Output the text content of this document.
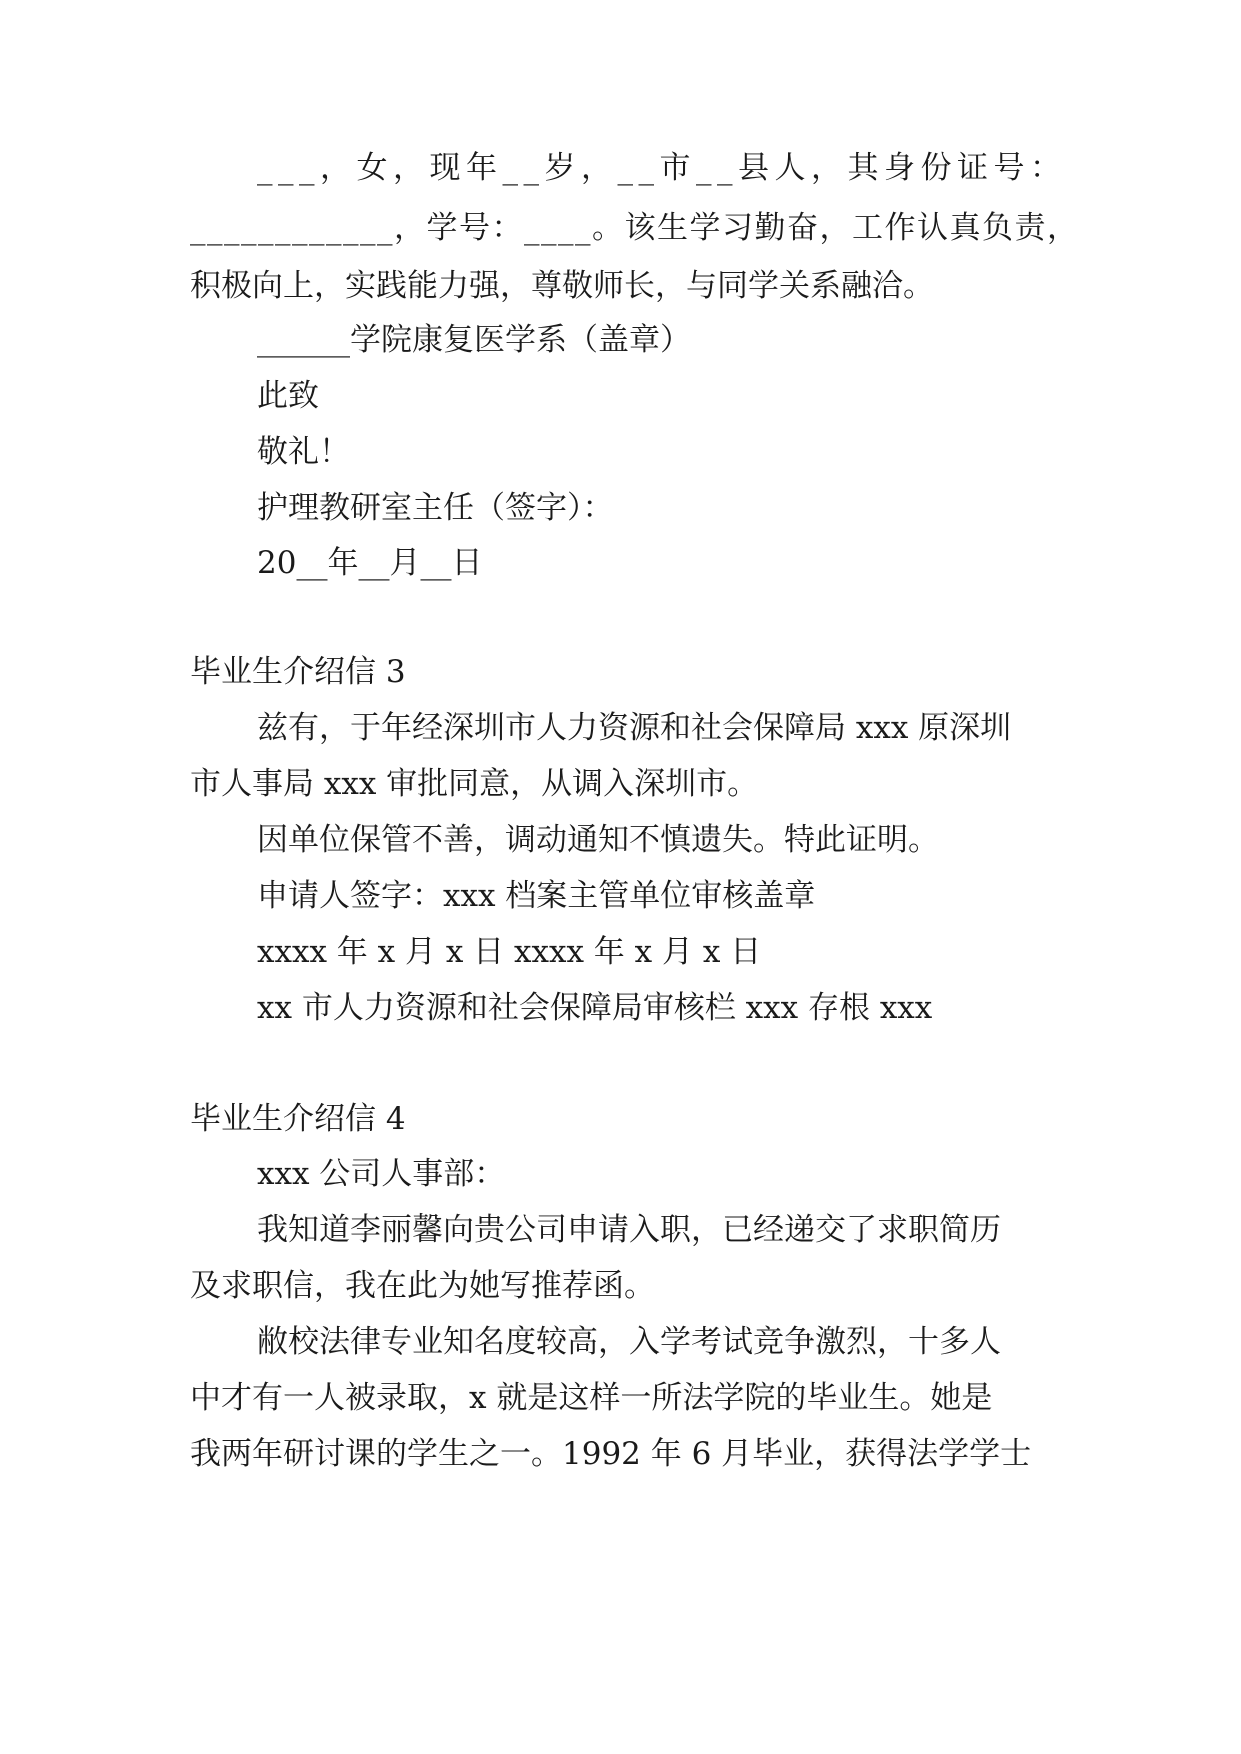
___，女，现年__岁，__市__县人，其身份证号：
____________，学号：____。该生学习勤奋，工作认真负责，
积极向上，实践能力强，尊敬师长，与同学关系融洽。
______学院康复医学系（盖章）
此致
敬礼！
护理教研室主任（签字）：
20__年__月__日
毕业生介绍信 3
兹有，于年经深圳市人力资源和社会保障局 xxx 原深圳
市人事局 xxx 审批同意，从调入深圳市。
因单位保管不善，调动通知不慎遗失。特此证明。
申请人签字：xxx 档案主管单位审核盖章
xxxx 年 x 月 x 日 xxxx 年 x 月 x 日
xx 市人力资源和社会保障局审核栏 xxx 存根 xxx
毕业生介绍信 4
xxx 公司人事部：
我知道李丽馨向贵公司申请入职，已经递交了求职简历
及求职信，我在此为她写推荐函。
敝校法律专业知名度较高，入学考试竞争激烈，十多人
中才有一人被录取，x 就是这样一所法学院的毕业生。她是
我两年研讨课的学生之一。1992 年 6 月毕业，获得法学学士
